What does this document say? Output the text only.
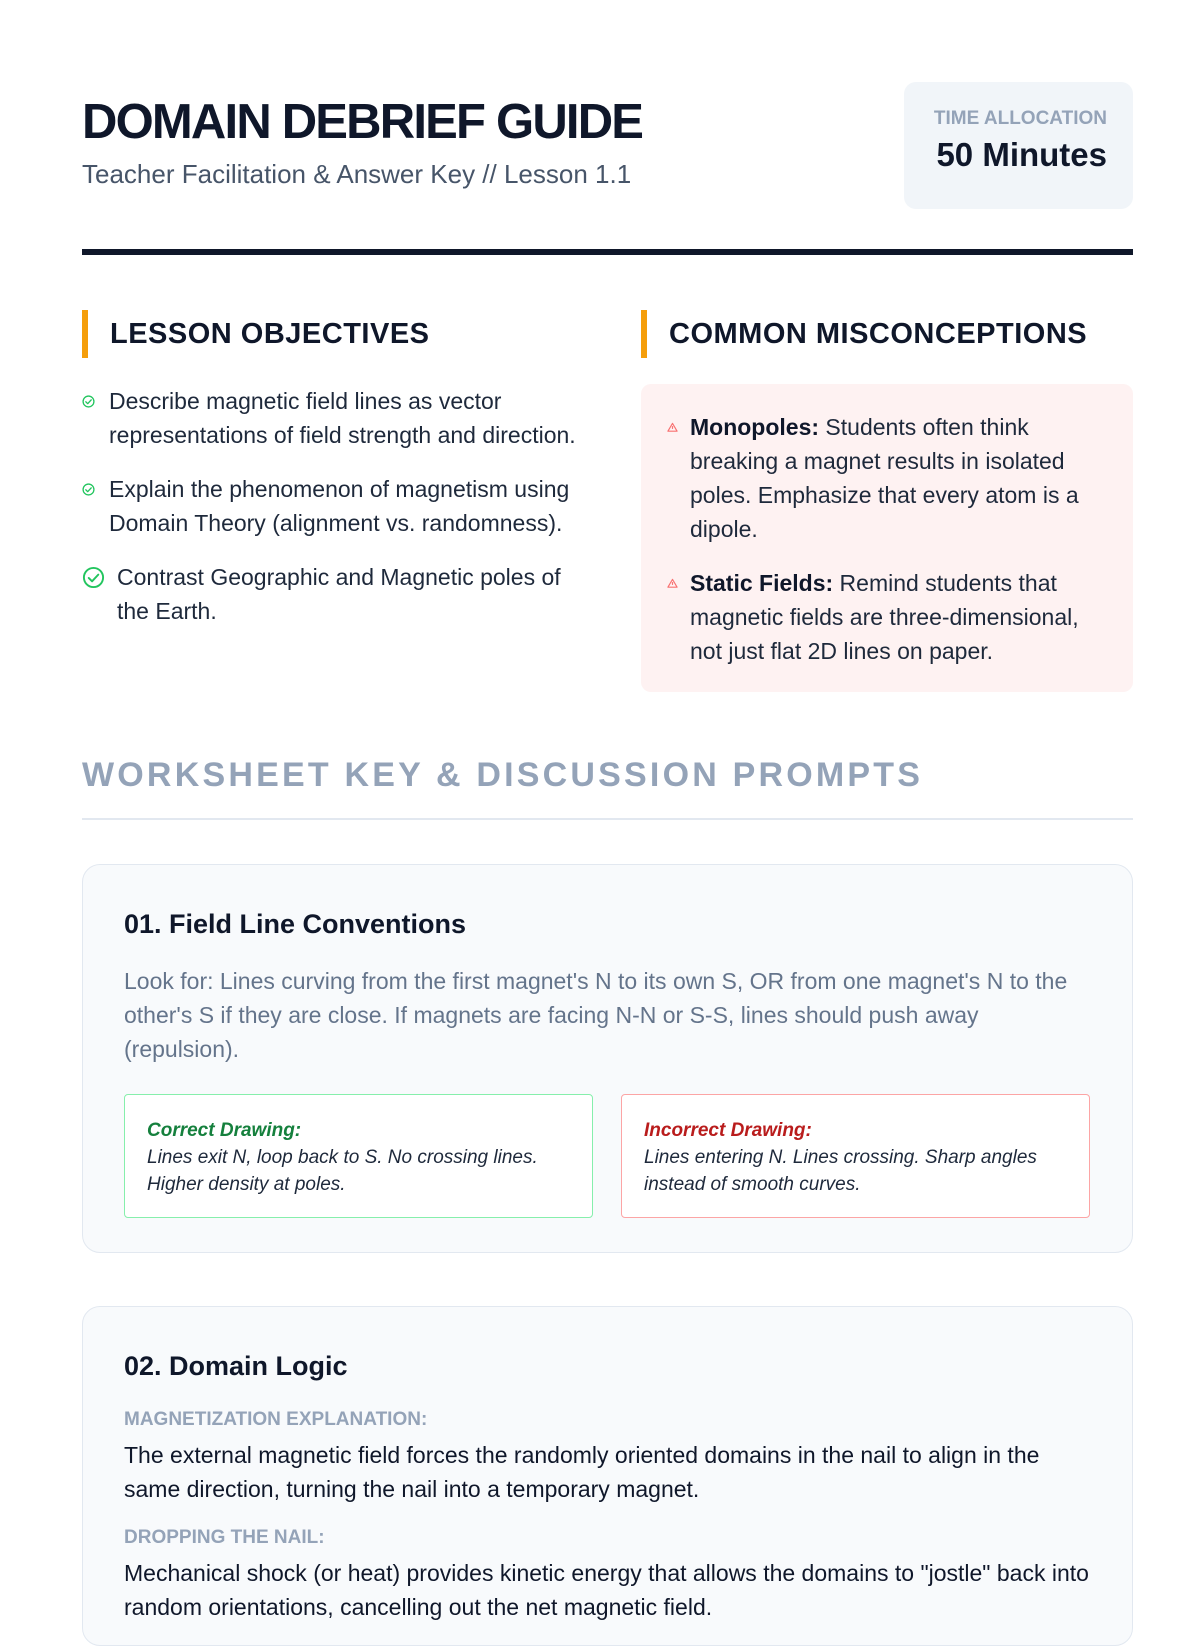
DOMAIN DEBRIEF GUIDE
Teacher Facilitation & Answer Key // Lesson 1.1
TIME ALLOCATION
50 Minutes
LESSON OBJECTIVES
Describe magnetic field lines as vector representations of field strength and direction.
Explain the phenomenon of magnetism using Domain Theory (alignment vs. randomness).
Contrast Geographic and Magnetic poles of the Earth.
COMMON MISCONCEPTIONS
Monopoles: Students often think breaking a magnet results in isolated poles. Emphasize that every atom is a dipole.
Static Fields: Remind students that magnetic fields are three-dimensional, not just flat 2D lines on paper.
WORKSHEET KEY & DISCUSSION PROMPTS
01. Field Line Conventions
Look for: Lines curving from the first magnet's N to its own S, OR from one magnet's N to the other's S if they are close. If magnets are facing N-N or S-S, lines should push away (repulsion).
Correct Drawing:
Lines exit N, loop back to S. No crossing lines. Higher density at poles.
Incorrect Drawing:
Lines entering N. Lines crossing. Sharp angles instead of smooth curves.
02. Domain Logic
MAGNETIZATION EXPLANATION:
The external magnetic field forces the randomly oriented domains in the nail to align in the same direction, turning the nail into a temporary magnet.
DROPPING THE NAIL:
Mechanical shock (or heat) provides kinetic energy that allows the domains to "jostle" back into random orientations, cancelling out the net magnetic field.
